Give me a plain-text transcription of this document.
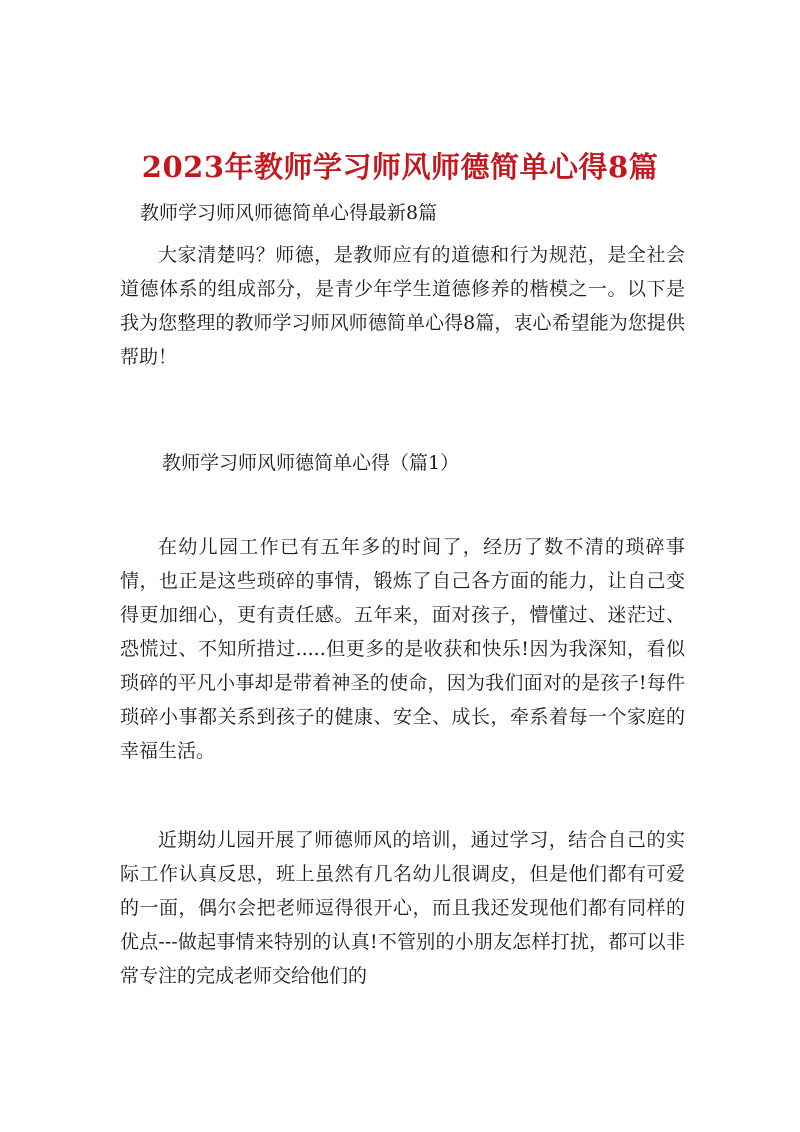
2023年教师学习师风师德简单心得8篇

教师学习师风师德简单心得最新8篇

大家清楚吗？师德，是教师应有的道德和行为规范，是全社会道德体系的组成部分，是青少年学生道德修养的楷模之一。以下是我为您整理的教师学习师风师德简单心得8篇，衷心希望能为您提供帮助！

教师学习师风师德简单心得（篇1）

在幼儿园工作已有五年多的时间了，经历了数不清的琐碎事情，也正是这些琐碎的事情，锻炼了自己各方面的能力，让自己变得更加细心，更有责任感。五年来，面对孩子，懵懂过、迷茫过、恐慌过、不知所措过.....但更多的是收获和快乐!因为我深知，看似琐碎的平凡小事却是带着神圣的使命，因为我们面对的是孩子!每件琐碎小事都关系到孩子的健康、安全、成长，牵系着每一个家庭的幸福生活。

近期幼儿园开展了师德师风的培训，通过学习，结合自己的实际工作认真反思，班上虽然有几名幼儿很调皮，但是他们都有可爱的一面，偶尔会把老师逗得很开心，而且我还发现他们都有同样的优点---做起事情来特别的认真!不管别的小朋友怎样打扰，都可以非常专注的完成老师交给他们的
